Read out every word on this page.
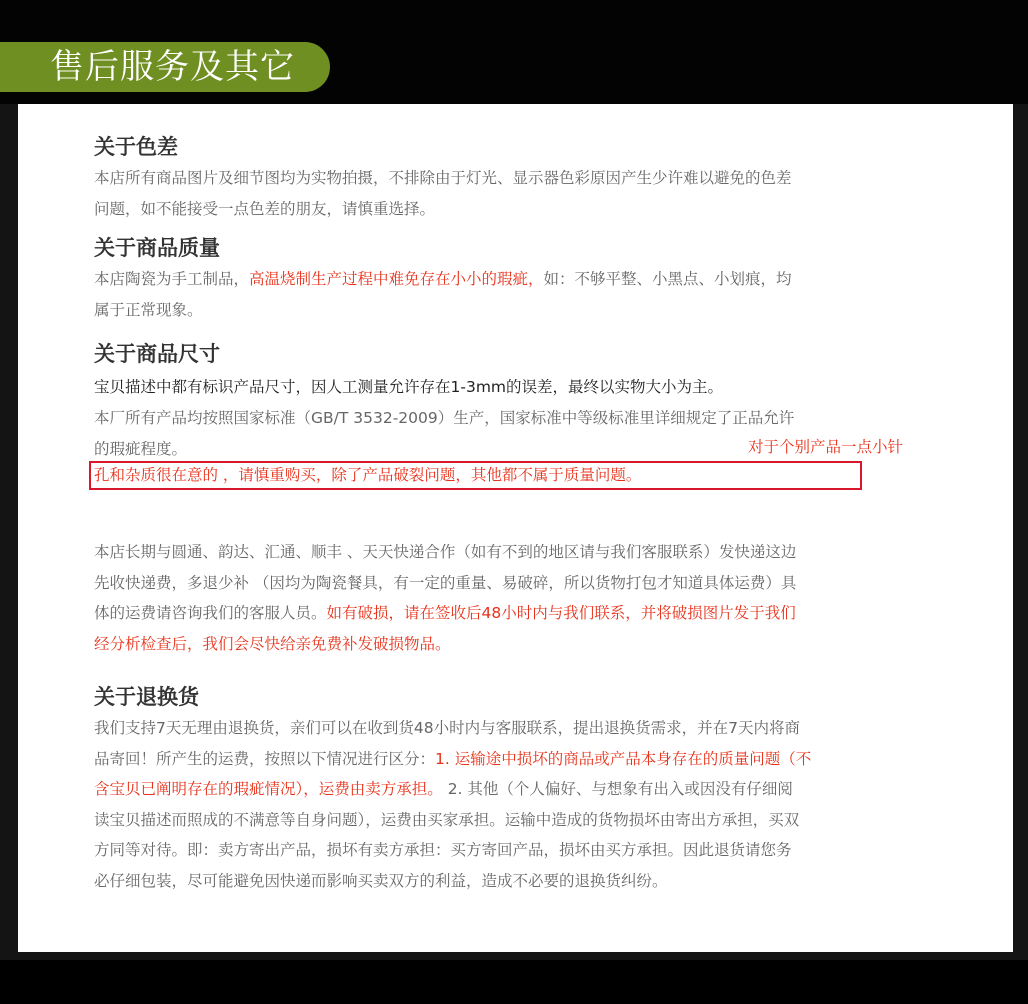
售后服务及其它
关于色差
本店所有商品图片及细节图均为实物拍摄，不排除由于灯光、显示器色彩原因产生少许难以避免的色差
问题，如不能接受一点色差的朋友，请慎重选择。
关于商品质量
本店陶瓷为手工制品，高温烧制生产过程中难免存在小小的瑕疵，如：不够平整、小黑点、小划痕，均
属于正常现象。
关于商品尺寸
宝贝描述中都有标识产品尺寸，因人工测量允许存在1-3mm的误差，最终以实物大小为主。
本厂所有产品均按照国家标准（GB/T 3532-2009）生产，国家标准中等级标准里详细规定了正品允许
的瑕疵程度。	对于个别产品一点小针
孔和杂质很在意的 ，请慎重购买，除了产品破裂问题，其他都不属于质量问题。
本店长期与圆通、韵达、汇通、顺丰 、天天快递合作（如有不到的地区请与我们客服联系）发快递这边
先收快递费，多退少补 （因均为陶瓷餐具，有一定的重量、易破碎，所以货物打包才知道具体运费）具
体的运费请咨询我们的客服人员。如有破损，请在签收后48小时内与我们联系，并将破损图片发于我们
经分析检查后，我们会尽快给亲免费补发破损物品。
关于退换货
我们支持7天无理由退换货，亲们可以在收到货48小时内与客服联系，提出退换货需求，并在7天内将商
品寄回！所产生的运费，按照以下情况进行区分：1. 运输途中损坏的商品或产品本身存在的质量问题（不
含宝贝已阐明存在的瑕疵情况），运费由卖方承担。 2. 其他（个人偏好、与想象有出入或因没有仔细阅
读宝贝描述而照成的不满意等自身问题），运费由买家承担。运输中造成的货物损坏由寄出方承担，买双
方同等对待。即：卖方寄出产品，损坏有卖方承担：买方寄回产品，损坏由买方承担。因此退货请您务
必仔细包装，尽可能避免因快递而影响买卖双方的利益，造成不必要的退换货纠纷。
